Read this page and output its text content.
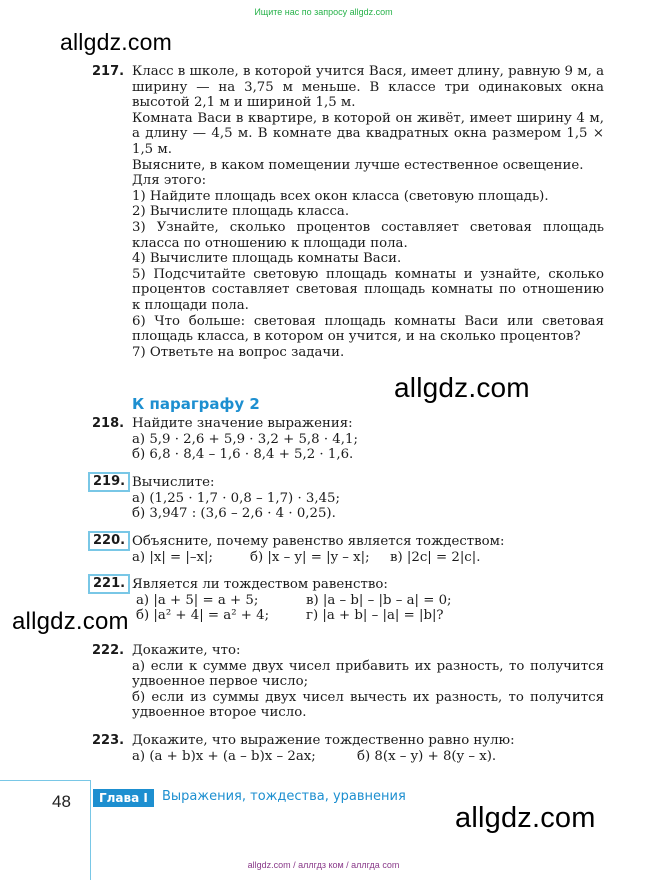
Ищите нас по запросу allgdz.com
allgdz.com
allgdz.com
allgdz.com
allgdz.com
217. Класс в школе, в которой учится Вася, имеет длину, равную 9 м, а ширину — на 3,75 м меньше. В классе три одинаковых окна высотой 2,1 м и шириной 1,5 м.

Комната Васи в квартире, в которой он живёт, имеет ширину 4 м, а длину — 4,5 м. В комнате два квадратных окна размером 1,5 × 1,5 м.

Выясните, в каком помещении лучше естественное освещение.

Для этого:

1) Найдите площадь всех окон класса (световую площадь).

2) Вычислите площадь класса.

3) Узнайте, сколько процентов составляет световая площадь класса по отношению к площади пола.

4) Вычислите площадь комнаты Васи.

5) Подсчитайте световую площадь комнаты и узнайте, сколько процентов составляет световая площадь комнаты по отношению к площади пола.

6) Что больше: световая площадь комнаты Васи или световая площадь класса, в котором он учится, и на сколько процентов?

7) Ответьте на вопрос задачи.

К параграфу 2
218. Найдите значение выражения:

а) 5,9 · 2,6 + 5,9 · 3,2 + 5,8 · 4,1;

б) 6,8 · 8,4 – 1,6 · 8,4 + 5,2 · 1,6.

219. Вычислите:

а) (1,25 · 1,7 · 0,8 – 1,7) · 3,45;

б) 3,947 : (3,6 – 2,6 · 4 · 0,25).

220. Объясните, почему равенство является тождеством:

а) |x| = |–x|;	б) |x – y| = |y – x|;	в) |2c| = 2|c|.
221. Является ли тождеством равенство:

а) |a + 5| = a + 5;	в) |a – b| – |b – a| = 0;
б) |a² + 4| = a² + 4;	г) |a + b| – |a| = |b|?
222. Докажите, что:

а) если к сумме двух чисел прибавить их разность, то получится удвоенное первое число;

б) если из суммы двух чисел вычесть их разность, то получится удвоенное второе число.

223. Докажите, что выражение тождественно равно нулю:

а) (a + b)x + (a – b)x – 2ax;	б) 8(x – y) + 8(y – x).
48	Глава I	Выражения, тождества, уравнения
allgdz.com / аллгдз ком / аллгда com
